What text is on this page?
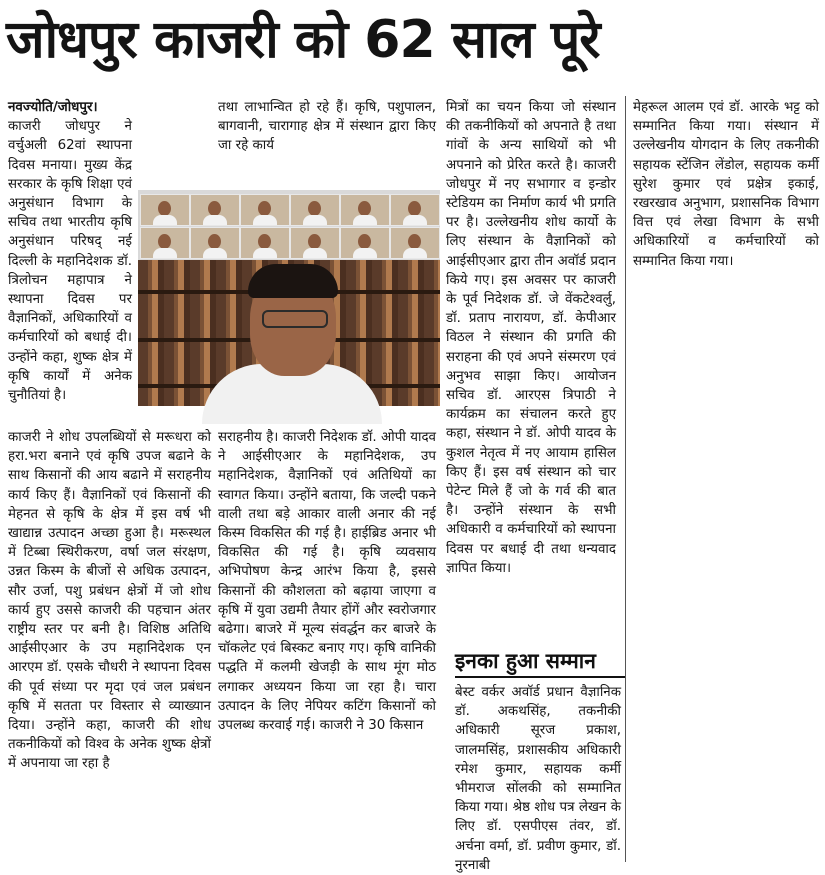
जोधपुर काजरी को 62 साल पूरे

नवज्योति/जोधपुर। काजरी जोधपुर ने वर्चुअली 62वां स्थापना दिवस मनाया। मुख्य केंद्र सरकार के कृषि शिक्षा एवं अनुसंधान विभाग के सचिव तथा भारतीय कृषि अनुसंधान परिषद् नई दिल्ली के महानिदेशक डॉ. त्रिलोचन महापात्र ने स्थापना दिवस पर वैज्ञानिकों, अधिकारियों व कर्मचारियों को बधाई दी। उन्होंने कहा, शुष्क क्षेत्र में कृषि कार्यों में अनेक चुनौतियां है।

काजरी ने शोध उपलब्धियों से मरूधरा को हरा.भरा बनाने एवं कृषि उपज बढाने के साथ किसानों की आय बढाने में सराहनीय कार्य किए हैं। वैज्ञानिकों एवं किसानों की मेहनत से कृषि के क्षेत्र में इस वर्ष भी खाद्यान्न उत्पादन अच्छा हुआ है। मरूस्थल में टिब्बा स्थिरीकरण, वर्षा जल संरक्षण, उन्नत किस्म के बीजों से अधिक उत्पादन, सौर उर्जा, पशु प्रबंधन क्षेत्रों में जो शोध कार्य हुए उससे काजरी की पहचान अंतर राष्ट्रीय स्तर पर बनी है। विशिष्ठ अतिथि आईसीएआर के उप महानिदेशक एन आरएम डॉ. एसके चौधरी ने स्थापना दिवस की पूर्व संध्या पर मृदा एवं जल प्रबंधन कृषि में सतता पर विस्तार से व्याख्यान दिया। उन्होंने कहा, काजरी की शोध तकनीकियों को विश्व के अनेक शुष्क क्षेत्रों में अपनाया जा रहा है

तथा लाभान्वित हो रहे हैं। कृषि, पशुपालन, बागवानी, चारागाह क्षेत्र में संस्थान द्वारा किए जा रहे कार्य

सराहनीय है। काजरी निदेशक डॉ. ओपी यादव ने आईसीएआर के महानिदेशक, उप महानिदेशक, वैज्ञानिकों एवं अतिथियों का स्वागत किया। उन्होंने बताया, कि जल्दी पकने वाली तथा बड़े आकार वाली अनार की नई किस्म विकसित की गई है। हाईब्रिड अनार भी विकसित की गई है। कृषि व्यवसाय अभिपोषण केन्द्र आरंभ किया है, इससे किसानों की कौशलता को बढ़ाया जाएगा व कृषि में युवा उद्यमी तैयार होंगें और स्वरोजगार बढेगा। बाजरे में मूल्य संवर्द्धन कर बाजरे के चॉकलेट एवं बिस्कट बनाए गए। कृषि वानिकी पद्धति में कलमी खेजड़ी के साथ मूंग मोठ लगाकर अध्ययन किया जा रहा है। चारा उत्पादन के लिए नेपियर कटिंग किसानों को उपलब्ध करवाई गई। काजरी ने 30 किसान

मित्रों का चयन किया जो संस्थान की तकनीकियों को अपनाते है तथा गांवों के अन्य साथियों को भी अपनाने को प्रेरित करते है। काजरी जोधपुर में नए सभागार व इन्डोर स्टेडियम का निर्माण कार्य भी प्रगति पर है। उल्लेखनीय शोध कार्यो के लिए संस्थान के वैज्ञानिकों को आईसीएआर द्वारा तीन अवॉर्ड प्रदान किये गए। इस अवसर पर काजरी के पूर्व निदेशक डॉ. जे वेंकटेश्वर्लु, डॉ. प्रताप नारायण, डॉ. केपीआर विठल ने संस्थान की प्रगति की सराहना की एवं अपने संस्मरण एवं अनुभव साझा किए। आयोजन सचिव डॉ. आरएस त्रिपाठी ने कार्यक्रम का संचालन करते हुए कहा, संस्थान ने डॉ. ओपी यादव के कुशल नेतृत्व में नए आयाम हासिल किए हैं। इस वर्ष संस्थान को चार पेटेन्ट मिले हैं जो के गर्व की बात है। उन्होंने संस्थान के सभी अधिकारी व कर्मचारियों को स्थापना दिवस पर बधाई दी तथा धन्यवाद ज्ञापित किया।

इनका हुआ सम्मान

बेस्ट वर्कर अवॉर्ड प्रधान वैज्ञानिक डॉ. अकथसिंह, तकनीकी अधिकारी सूरज प्रकाश, जालमसिंह, प्रशासकीय अधिकारी रमेश कुमार, सहायक कर्मी भीमराज सोंलकी को सम्मानित किया गया। श्रेष्ठ शोध पत्र लेखन के लिए डॉ. एसपीएस तंवर, डॉ. अर्चना वर्मा, डॉ. प्रवीण कुमार, डॉ. नुरनाबी

मेहरूल आलम एवं डॉ. आरके भट्ट को सम्मानित किया गया। संस्थान में उल्लेखनीय योगदान के लिए तकनीकी सहायक स्टेंजिन लेंडोल, सहायक कर्मी सुरेश कुमार एवं प्रक्षेत्र इकाई, रखरखाव अनुभाग, प्रशासनिक विभाग वित्त एवं लेखा विभाग के सभी अधिकारियों व कर्मचारियों को सम्मानित किया गया।
